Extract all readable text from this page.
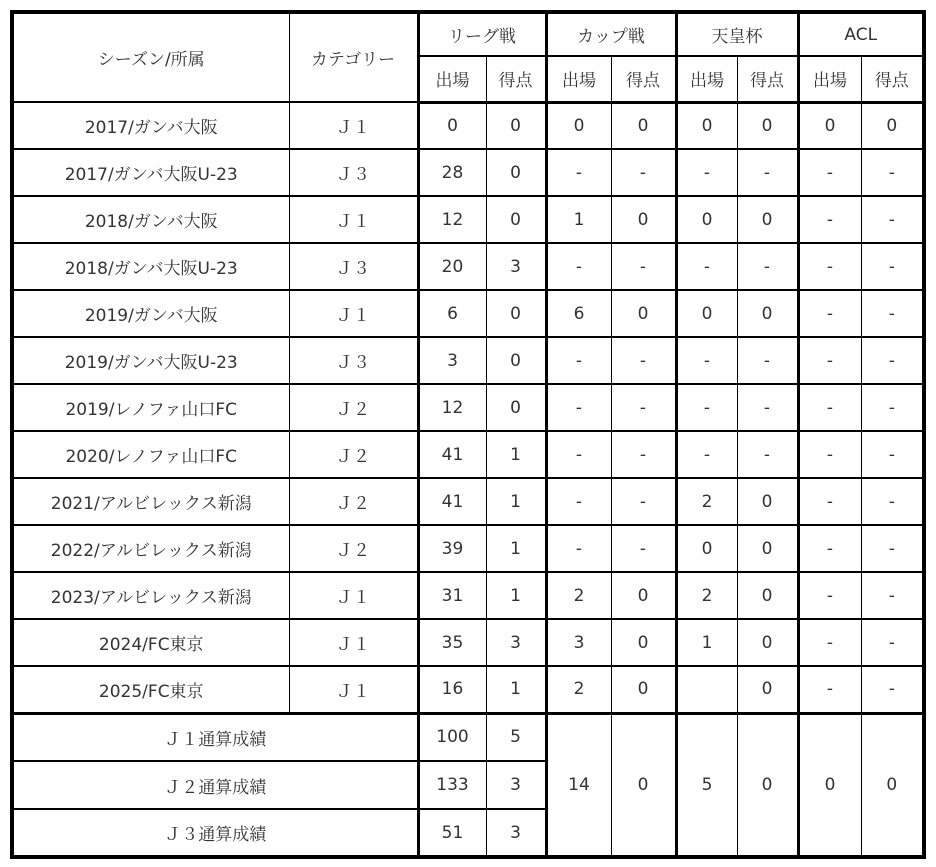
シーズン/所属	カテゴリー	リーグ戦		カップ戦		天皇杯		ACL	
		出場	得点	出場	得点	出場	得点	出場	得点
2017/ガンバ大阪	Ｊ１	0	0	0	0	0	0	0	0
2017/ガンバ大阪U-23	Ｊ３	28	0	-	-	-	-	-	-
2018/ガンバ大阪	Ｊ１	12	0	1	0	0	0	-	-
2018/ガンバ大阪U-23	Ｊ３	20	3	-	-	-	-	-	-
2019/ガンバ大阪	Ｊ１	6	0	6	0	0	0	-	-
2019/ガンバ大阪U-23	Ｊ３	3	0	-	-	-	-	-	-
2019/レノファ山口FC	Ｊ２	12	0	-	-	-	-	-	-
2020/レノファ山口FC	Ｊ２	41	1	-	-	-	-	-	-
2021/アルビレックス新潟	Ｊ２	41	1	-	-	2	0	-	-
2022/アルビレックス新潟	Ｊ２	39	1	-	-	0	0	-	-
2023/アルビレックス新潟	Ｊ１	31	1	2	0	2	0	-	-
2024/FC東京	Ｊ１	35	3	3	0	1	0	-	-
2025/FC東京	Ｊ１	16	1	2	0		0	-	-
Ｊ１通算成績		100	5	14	0	5	0	0	0
Ｊ２通算成績		133	3						
Ｊ３通算成績		51	3						
